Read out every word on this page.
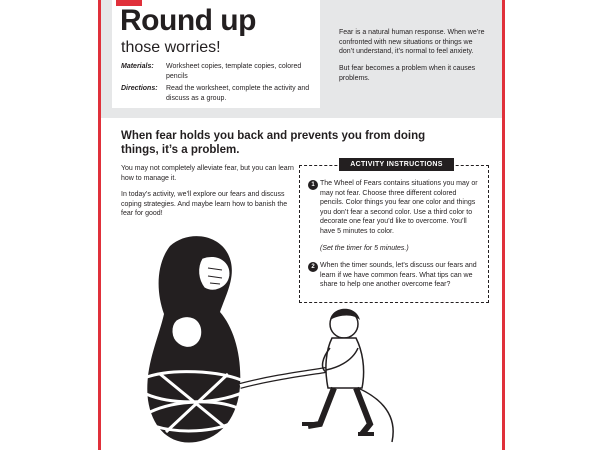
Round up
those worries!
Materials:	Worksheet copies, template copies, colored pencils
Directions:	Read the worksheet, complete the activity and discuss as a group.
Fear is a natural human response. When we’re confronted with new situations or things we don’t understand, it’s normal to feel anxiety.
But fear becomes a problem when it causes problems.
When fear holds you back and prevents you from doing things, it’s a problem.
You may not completely alleviate fear, but you can learn how to manage it.
In today’s activity, we’ll explore our fears and discuss coping strategies. And maybe learn how to banish the fear for good!
ACTIVITY INSTRUCTIONS
1 The Wheel of Fears contains situations you may or may not fear. Choose three different colored pencils. Color things you fear one color and things you don’t fear a second color. Use a third color to decorate one fear you’d like to overcome. You’ll have 5 minutes to color.
(Set the timer for 5 minutes.)
2 When the timer sounds, let’s discuss our fears and learn if we have common fears. What tips can we share to help one another overcome fear?
